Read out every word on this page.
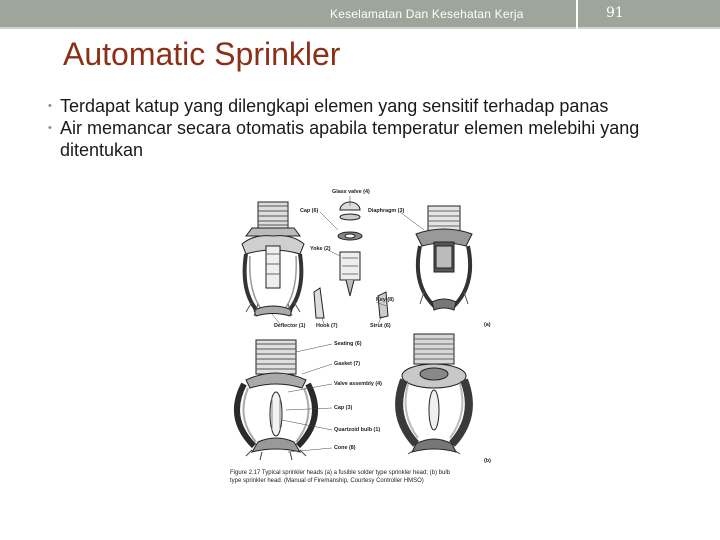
Keselamatan Dan Kesehatan Kerja	91
Automatic Sprinkler
• Terdapat katup yang dilengkapi elemen yang sensitif terhadap panas
• Air memancar secara otomatis apabila temperatur elemen melebihi yang ditentukan
Glass valve (4)
Cap (6)	Diaphragm (3)
Yoke (2)
Key (8)
Deflector (1) Hook (7)	Strut (6)	(a)
Seating (6)
Gasket (7)
Valve assembly (4)
Cap (3)
Quartzoid bulb (1)
Cone (8)
(b)
Figure 2.17 Typical sprinkler heads (a) a fusible solder type sprinkler head; (b) bulb
type sprinkler head. (Manual of Firemanship, Courtesy Controller HMSO)
